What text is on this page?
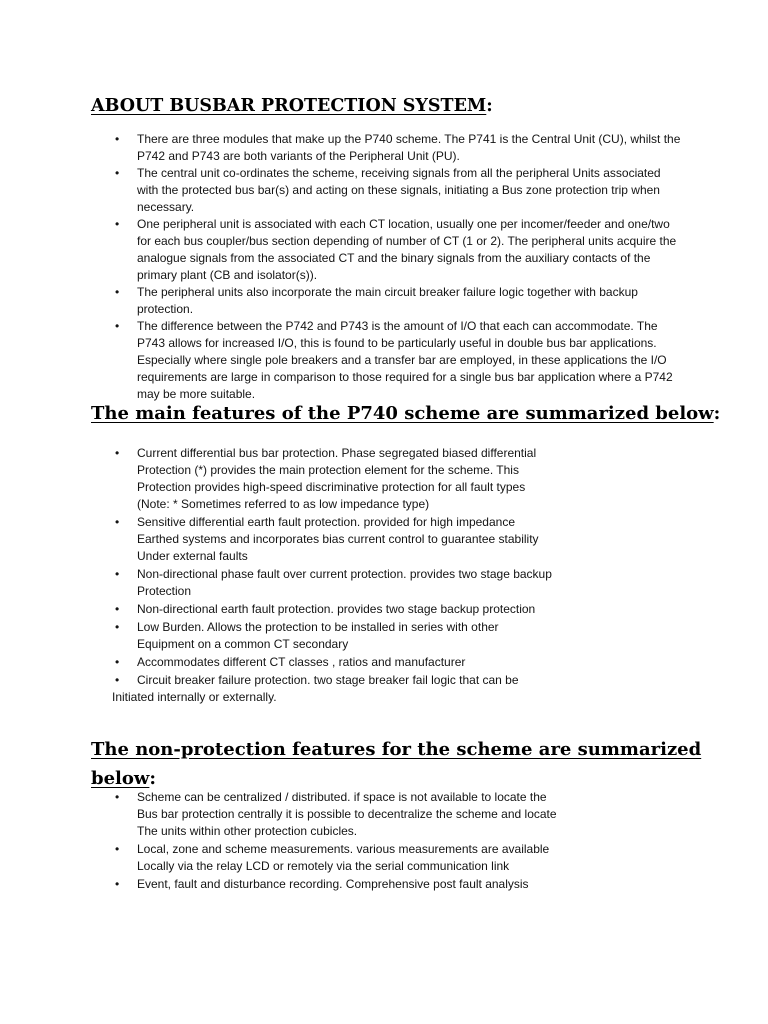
ABOUT BUSBAR PROTECTION SYSTEM:
• There are three modules that make up the P740 scheme. The P741 is the Central Unit (CU), whilst the P742 and P743 are both variants of the Peripheral Unit (PU).
• The central unit co-ordinates the scheme, receiving signals from all the peripheral Units associated with the protected bus bar(s) and acting on these signals, initiating a Bus zone protection trip when necessary.
• One peripheral unit is associated with each CT location, usually one per incomer/feeder and one/two for each bus coupler/bus section depending of number of CT (1 or 2). The peripheral units acquire the analogue signals from the associated CT and the binary signals from the auxiliary contacts of the primary plant (CB and isolator(s)).
• The peripheral units also incorporate the main circuit breaker failure logic together with backup protection.
• The difference between the P742 and P743 is the amount of I/O that each can accommodate. The P743 allows for increased I/O, this is found to be particularly useful in double bus bar applications. Especially where single pole breakers and a transfer bar are employed, in these applications the I/O requirements are large in comparison to those required for a single bus bar application where a P742 may be more suitable.
The main features of the P740 scheme are summarized below:
• Current differential bus bar protection. Phase segregated biased differential
Protection (*) provides the main protection element for the scheme. This
Protection provides high-speed discriminative protection for all fault types
(Note: * Sometimes referred to as low impedance type)
• Sensitive differential earth fault protection. provided for high impedance
Earthed systems and incorporates bias current control to guarantee stability
Under external faults
• Non-directional phase fault over current protection. provides two stage backup
Protection
• Non-directional earth fault protection. provides two stage backup protection
• Low Burden. Allows the protection to be installed in series with other
Equipment on a common CT secondary
• Accommodates different CT classes , ratios and manufacturer
• Circuit breaker failure protection. two stage breaker fail logic that can be
Initiated internally or externally.
The non-protection features for the scheme are summarized below:
• Scheme can be centralized / distributed. if space is not available to locate the
Bus bar protection centrally it is possible to decentralize the scheme and locate
The units within other protection cubicles.
• Local, zone and scheme measurements. various measurements are available
Locally via the relay LCD or remotely via the serial communication link
• Event, fault and disturbance recording. Comprehensive post fault analysis
